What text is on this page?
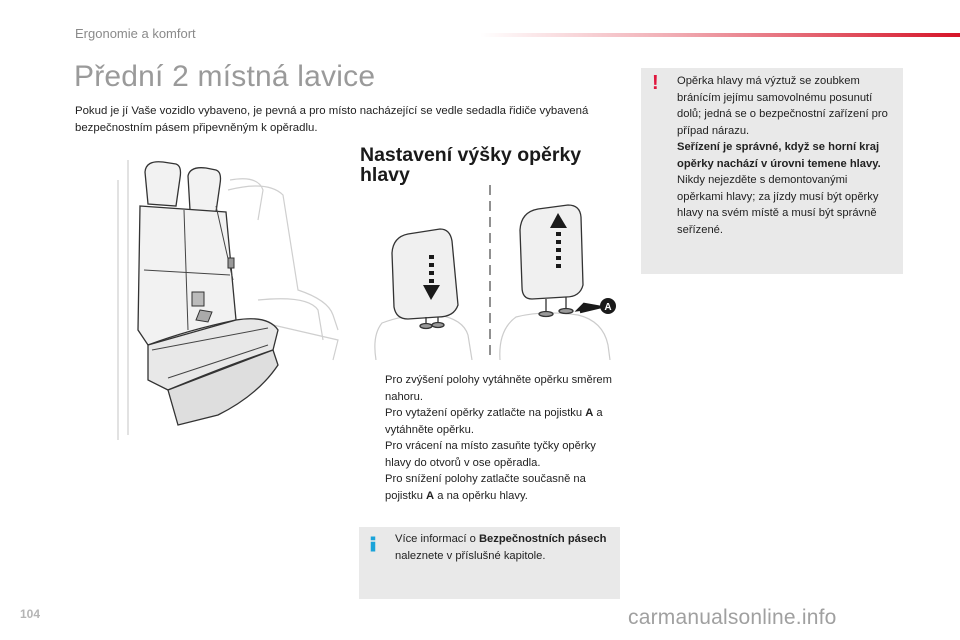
Ergonomie a komfort
Přední 2 místná lavice
Pokud je jí Vaše vozidlo vybaveno, je pevná a pro místo nacházející se vedle sedadla řidiče vybavená bezpečnostním pásem připevněným k opěradlu.
Nastavení výšky opěrky hlavy
A
Pro zvýšení polohy vytáhněte opěrku směrem nahoru.
Pro vytažení opěrky zatlačte na pojistku A a vytáhněte opěrku.
Pro vrácení na místo zasuňte tyčky opěrky hlavy do otvorů v ose opěradla.
Pro snížení polohy zatlačte současně na pojistku A a na opěrku hlavy.
Více informací o Bezpečnostních pásech naleznete v příslušné kapitole.
! Opěrka hlavy má výztuž se zoubkem bránícím jejímu samovolnému posunutí dolů; jedná se o bezpečnostní zařízení pro případ nárazu.
Seřízení je správné, když se horní kraj opěrky nachází v úrovni temene hlavy.
Nikdy nejezděte s demontovanými opěrkami hlavy; za jízdy musí být opěrky hlavy na svém místě a musí být správně seřízené.
104	carmanualsonline.info
